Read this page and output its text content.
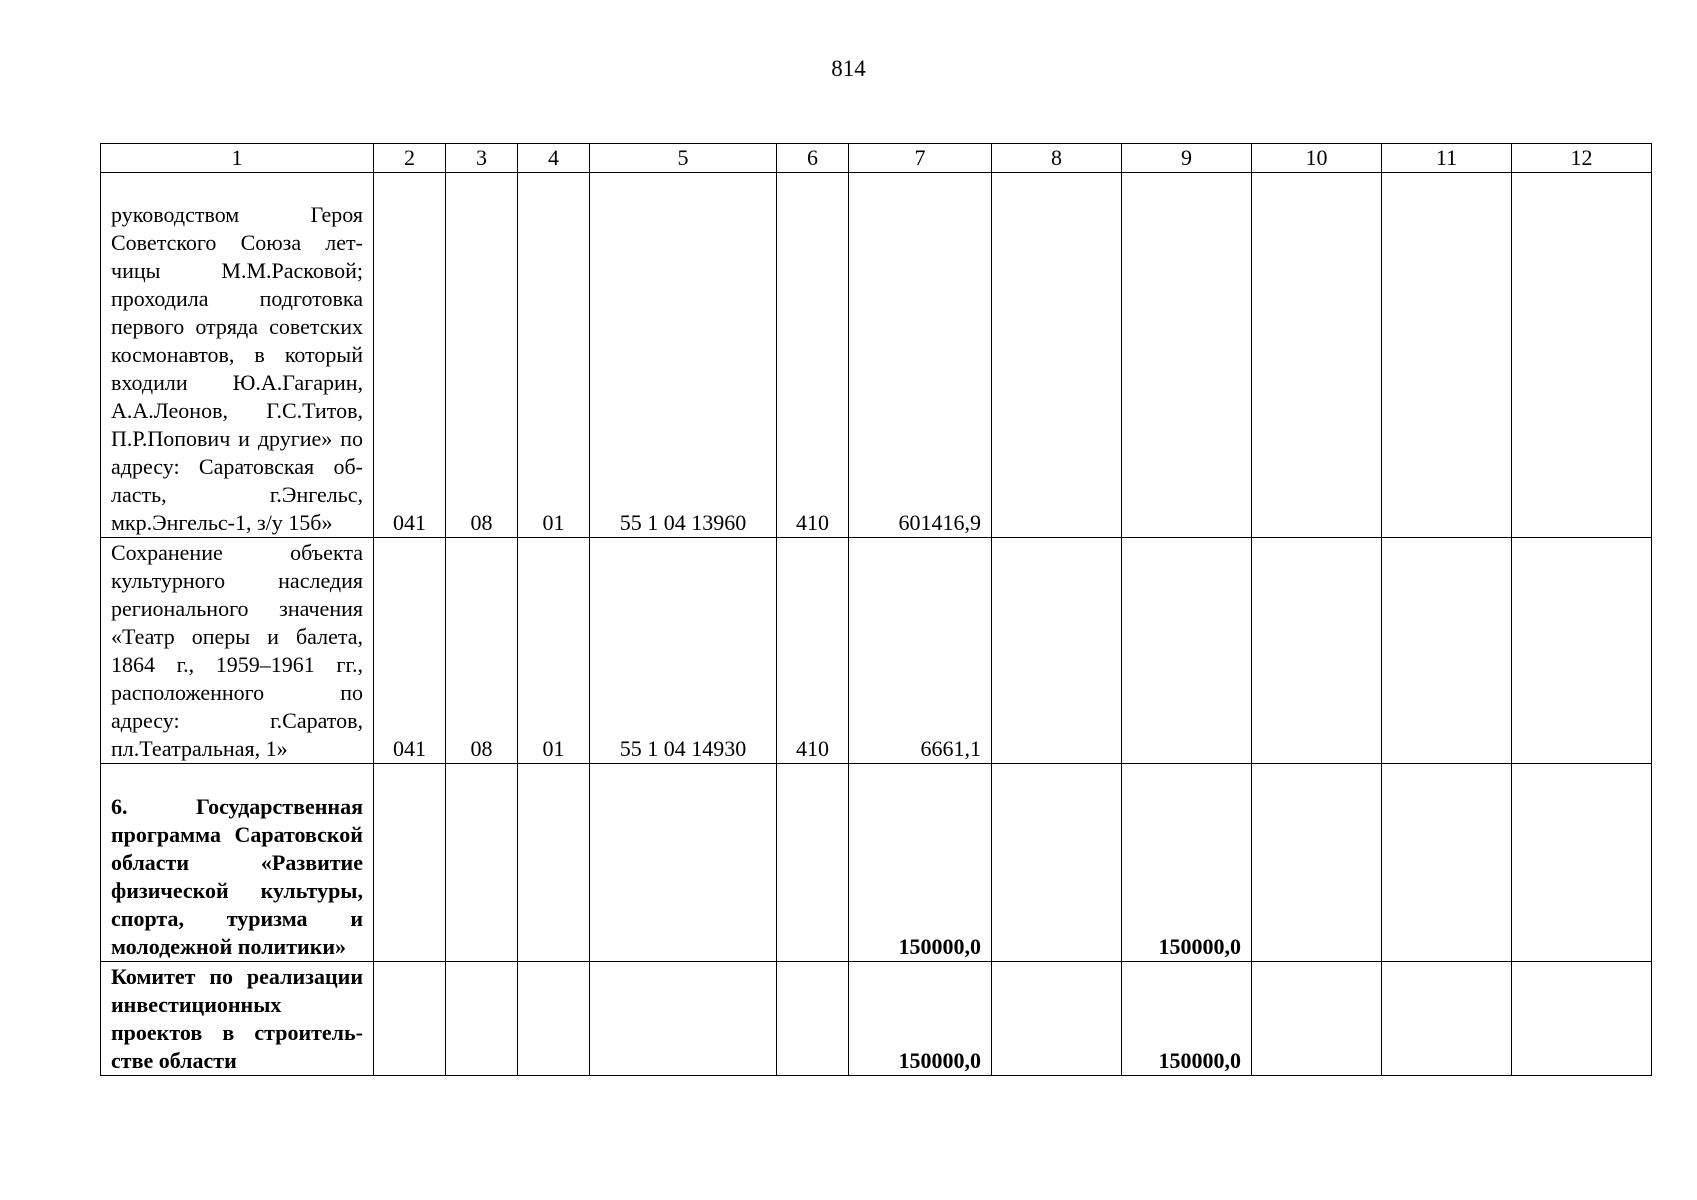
814
1	2	3	4	5	6	7	8	9	10	11	12
руководством Героя Советского Союза летчицы М.М.Расковой; проходила подготовка первого отряда советских космонавтов, в который входили Ю.А.Гагарин, А.А.Леонов, Г.С.Титов, П.Р.Попович и другие» по адресу: Саратовская область, г.Энгельс, мкр.Энгельс-1, з/у 15б»	041	08	01	55 1 04 13960	410	601416,9					
Сохранение объекта культурного наследия регионального значения «Театр оперы и балета, 1864 г., 1959–1961 гг., расположенного по адресу: г.Саратов, пл.Театральная, 1»	041	08	01	55 1 04 14930	410	6661,1					
6. Государственная программа Саратовской области «Развитие физической культуры, спорта, туризма и молодежной политики»						150000,0		150000,0			
Комитет по реализации инвестиционных проектов в строительстве области						150000,0		150000,0			
